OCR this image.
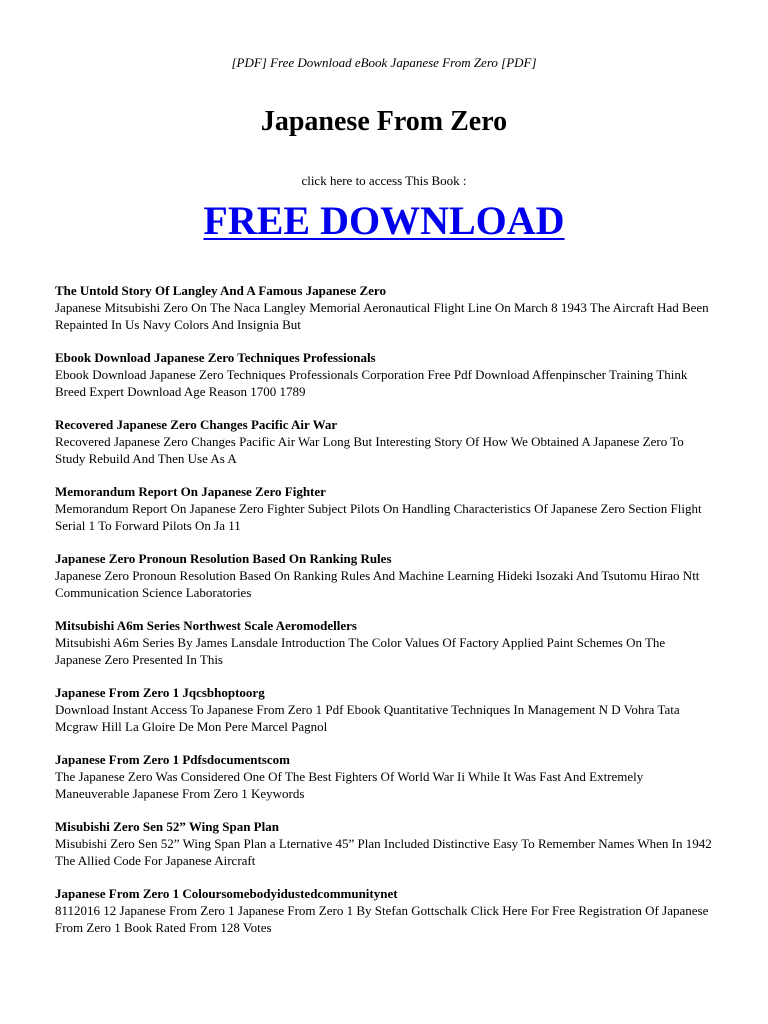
[PDF] Free Download eBook Japanese From Zero [PDF]
Japanese From Zero
click here to access This Book :
FREE DOWNLOAD
The Untold Story Of Langley And A Famous Japanese Zero
Japanese Mitsubishi Zero On The Naca Langley Memorial Aeronautical Flight Line On March 8 1943 The Aircraft Had Been Repainted In Us Navy Colors And Insignia But
Ebook Download Japanese Zero Techniques Professionals
Ebook Download Japanese Zero Techniques Professionals Corporation Free Pdf Download Affenpinscher Training Think Breed Expert Download Age Reason 1700 1789
Recovered Japanese Zero Changes Pacific Air War
Recovered Japanese Zero Changes Pacific Air War Long But Interesting Story Of How We Obtained A Japanese Zero To Study Rebuild And Then Use As A
Memorandum Report On Japanese Zero Fighter
Memorandum Report On Japanese Zero Fighter Subject Pilots On Handling Characteristics Of Japanese Zero Section Flight Serial 1 To Forward Pilots On Ja 11
Japanese Zero Pronoun Resolution Based On Ranking Rules
Japanese Zero Pronoun Resolution Based On Ranking Rules And Machine Learning Hideki Isozaki And Tsutomu Hirao Ntt Communication Science Laboratories
Mitsubishi A6m Series Northwest Scale Aeromodellers
Mitsubishi A6m Series By James Lansdale Introduction The Color Values Of Factory Applied Paint Schemes On The Japanese Zero Presented In This
Japanese From Zero 1 Jqcsbhoptoorg
Download Instant Access To Japanese From Zero 1 Pdf Ebook Quantitative Techniques In Management N D Vohra Tata Mcgraw Hill La Gloire De Mon Pere Marcel Pagnol
Japanese From Zero 1 Pdfsdocumentscom
The Japanese Zero Was Considered One Of The Best Fighters Of World War Ii While It Was Fast And Extremely Maneuverable Japanese From Zero 1 Keywords
Misubishi Zero Sen 52” Wing Span Plan
Misubishi Zero Sen 52” Wing Span Plan a Lternative 45” Plan Included Distinctive Easy To Remember Names When In 1942 The Allied Code For Japanese Aircraft
Japanese From Zero 1 Coloursomebodyidustedcommunitynet
8112016 12 Japanese From Zero 1 Japanese From Zero 1 By Stefan Gottschalk Click Here For Free Registration Of Japanese From Zero 1 Book Rated From 128 Votes
